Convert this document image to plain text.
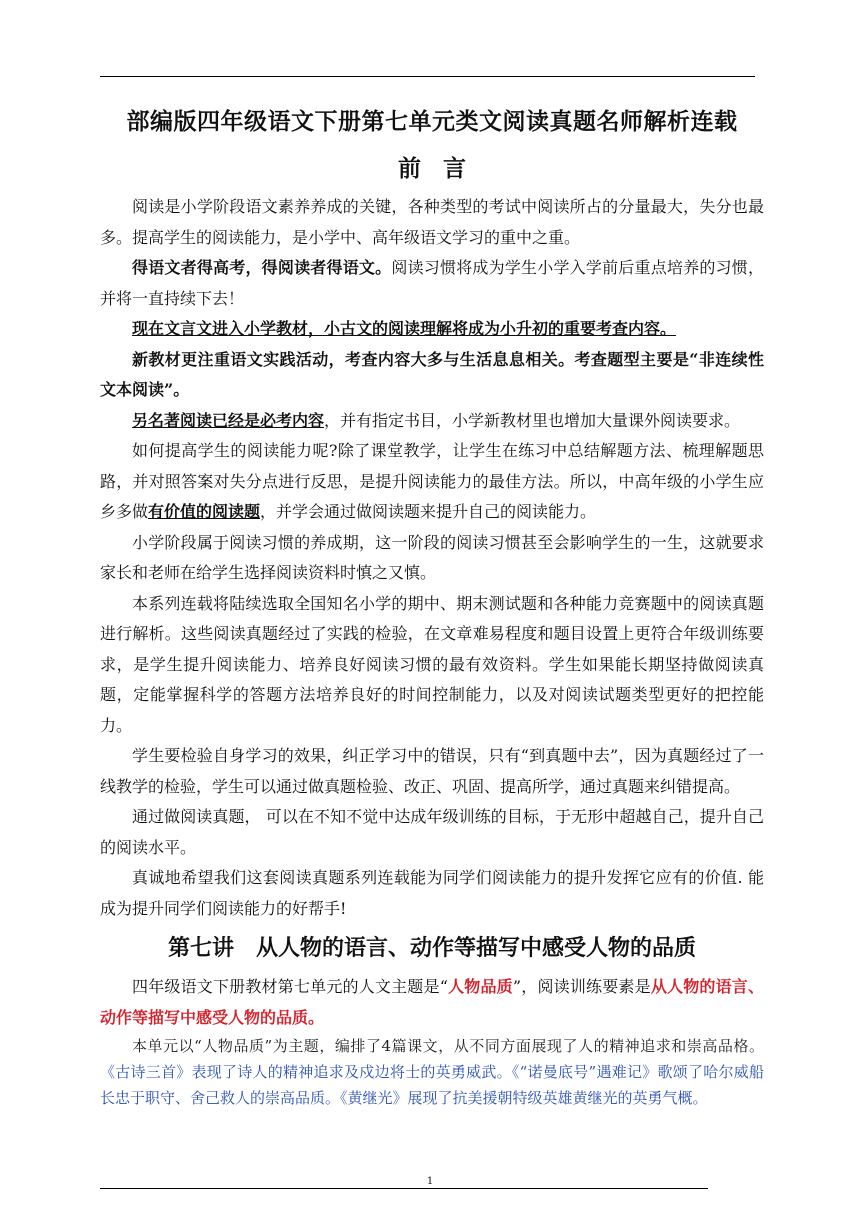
部编版四年级语文下册第七单元类文阅读真题名师解析连载
前言

阅读是小学阶段语文素养养成的关键，各种类型的考试中阅读所占的分量最大，失分也最多。提高学生的阅读能力，是小学中、高年级语文学习的重中之重。

得语文者得高考，得阅读者得语文。阅读习惯将成为学生小学入学前后重点培养的习惯，并将一直持续下去！

现在文言文进入小学教材，小古文的阅读理解将成为小升初的重要考查内容。

新教材更注重语文实践活动，考查内容大多与生活息息相关。考查题型主要是“非连续性文本阅读”。

另名著阅读已经是必考内容，并有指定书目，小学新教材里也增加大量课外阅读要求。

如何提高学生的阅读能力呢?除了课堂教学，让学生在练习中总结解题方法、梳理解题思路，并对照答案对失分点进行反思，是提升阅读能力的最佳方法。所以，中高年级的小学生应乡多做有价值的阅读题，并学会通过做阅读题来提升自己的阅读能力。

小学阶段属于阅读习惯的养成期，这一阶段的阅读习惯甚至会影响学生的一生，这就要求家长和老师在给学生选择阅读资料时慎之又慎。

本系列连载将陆续选取全国知名小学的期中、期末测试题和各种能力竞赛题中的阅读真题进行解析。这些阅读真题经过了实践的检验，在文章难易程度和题目设置上更符合年级训练要求，是学生提升阅读能力、培养良好阅读习惯的最有效资料。学生如果能长期坚持做阅读真题，定能掌握科学的答题方法培养良好的时间控制能力，以及对阅读试题类型更好的把控能力。

学生要检验自身学习的效果，纠正学习中的错误，只有“到真题中去”，因为真题经过了一线教学的检验，学生可以通过做真题检验、改正、巩固、提高所学，通过真题来纠错提高。

通过做阅读真题， 可以在不知不觉中达成年级训练的目标，于无形中超越自己，提升自己的阅读水平。

真诚地希望我们这套阅读真题系列连载能为同学们阅读能力的提升发挥它应有的价值. 能成为提升同学们阅读能力的好帮手!

第七讲　从人物的语言、动作等描写中感受人物的品质

四年级语文下册教材第七单元的人文主题是“人物品质”，阅读训练要素是从人物的语言、动作等描写中感受人物的品质。

本单元以“人物品质”为主题，编排了4篇课文，从不同方面展现了人的精神追求和崇高品格。《古诗三首》表现了诗人的精神追求及戍边将士的英勇威武。《“诺曼底号”遇难记》歌颂了哈尔威船长忠于职守、舍己救人的崇高品质。《黄继光》展现了抗美援朝特级英雄黄继光的英勇气概。

1
